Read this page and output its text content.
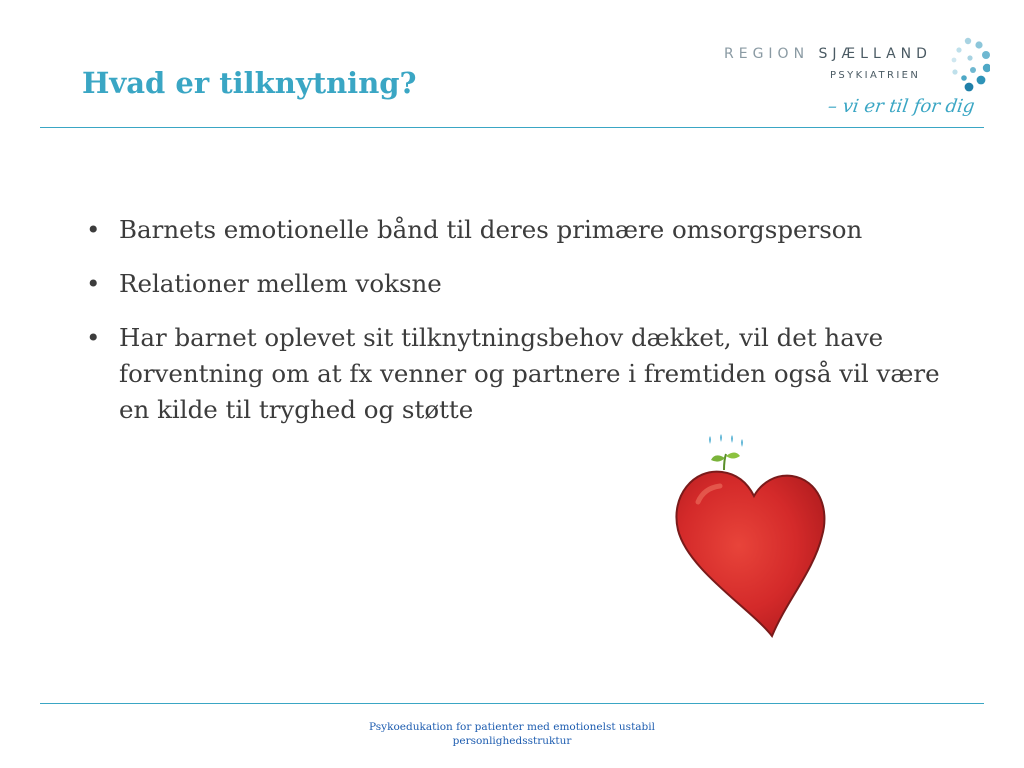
Hvad er tilknytning?
REGION SJÆLLAND
PSYKIATRIEN
– vi er til for dig
• Barnets emotionelle bånd til deres primære omsorgsperson
• Relationer mellem voksne
• Har barnet oplevet sit tilknytningsbehov dækket, vil det have forventning om at fx venner og partnere i fremtiden også vil være en kilde til tryghed og støtte
Psykoedukation for patienter med emotionelst ustabil
personlighedsstruktur
